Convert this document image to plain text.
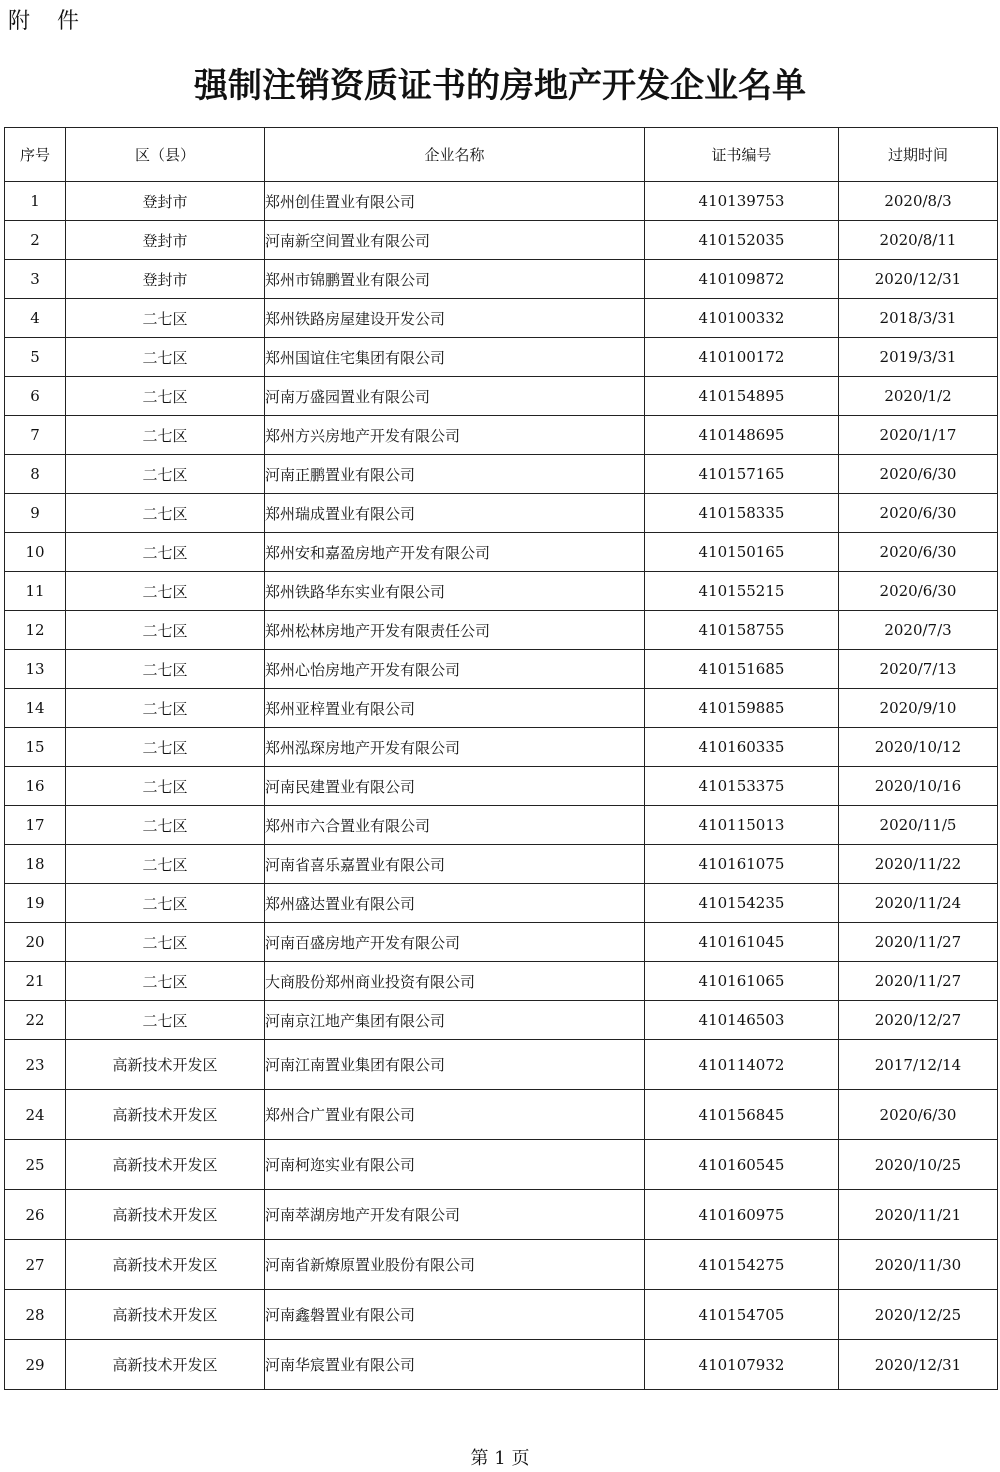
附 件
强制注销资质证书的房地产开发企业名单
序号	区（县）	企业名称	证书编号	过期时间
1	登封市	郑州创佳置业有限公司	410139753	2020/8/3
2	登封市	河南新空间置业有限公司	410152035	2020/8/11
3	登封市	郑州市锦鹏置业有限公司	410109872	2020/12/31
4	二七区	郑州铁路房屋建设开发公司	410100332	2018/3/31
5	二七区	郑州国谊住宅集团有限公司	410100172	2019/3/31
6	二七区	河南万盛园置业有限公司	410154895	2020/1/2
7	二七区	郑州方兴房地产开发有限公司	410148695	2020/1/17
8	二七区	河南正鹏置业有限公司	410157165	2020/6/30
9	二七区	郑州瑞成置业有限公司	410158335	2020/6/30
10	二七区	郑州安和嘉盈房地产开发有限公司	410150165	2020/6/30
11	二七区	郑州铁路华东实业有限公司	410155215	2020/6/30
12	二七区	郑州松林房地产开发有限责任公司	410158755	2020/7/3
13	二七区	郑州心怡房地产开发有限公司	410151685	2020/7/13
14	二七区	郑州亚梓置业有限公司	410159885	2020/9/10
15	二七区	郑州泓琛房地产开发有限公司	410160335	2020/10/12
16	二七区	河南民建置业有限公司	410153375	2020/10/16
17	二七区	郑州市六合置业有限公司	410115013	2020/11/5
18	二七区	河南省喜乐嘉置业有限公司	410161075	2020/11/22
19	二七区	郑州盛达置业有限公司	410154235	2020/11/24
20	二七区	河南百盛房地产开发有限公司	410161045	2020/11/27
21	二七区	大商股份郑州商业投资有限公司	410161065	2020/11/27
22	二七区	河南京江地产集团有限公司	410146503	2020/12/27
23	高新技术开发区	河南江南置业集团有限公司	410114072	2017/12/14
24	高新技术开发区	郑州合广置业有限公司	410156845	2020/6/30
25	高新技术开发区	河南柯迩实业有限公司	410160545	2020/10/25
26	高新技术开发区	河南萃湖房地产开发有限公司	410160975	2020/11/21
27	高新技术开发区	河南省新燎原置业股份有限公司	410154275	2020/11/30
28	高新技术开发区	河南鑫磐置业有限公司	410154705	2020/12/25
29	高新技术开发区	河南华宸置业有限公司	410107932	2020/12/31
第 1 页
